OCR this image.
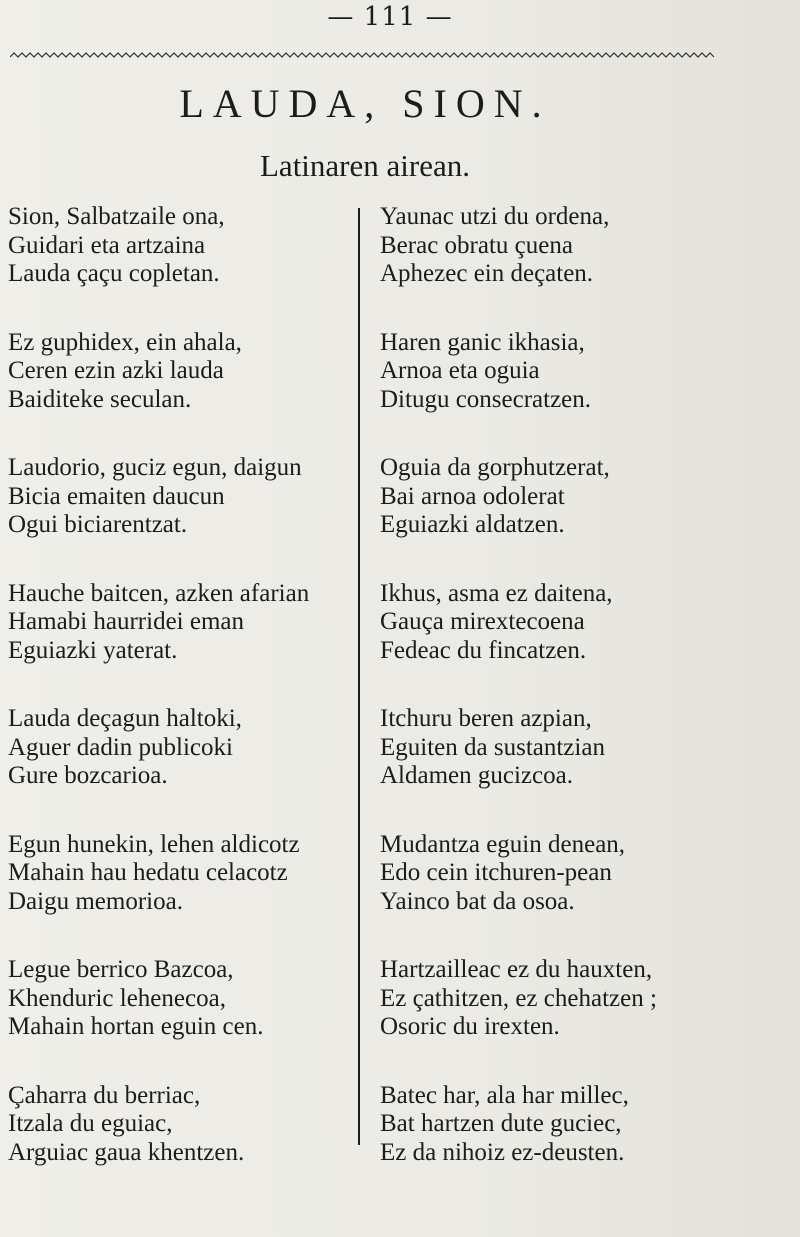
— 111 —
LAUDA, SION.
Latinaren airean.
Sion, Salbatzaile ona,
Guidari eta artzaina
Lauda çaçu copletan.
Ez guphidex, ein ahala,
Ceren ezin azki lauda
Baiditeke seculan.
Laudorio, guciz egun, daigun
Bicia emaiten daucun
Ogui biciarentzat.
Hauche baitcen, azken afarian
Hamabi haurridei eman
Eguiazki yaterat.
Lauda deçagun haltoki,
Aguer dadin publicoki
Gure bozcarioa.
Egun hunekin, lehen aldicotz
Mahain hau hedatu celacotz
Daigu memorioa.
Legue berrico Bazcoa,
Khenduric lehenecoa,
Mahain hortan eguin cen.
Çaharra du berriac,
Itzala du eguiac,
Arguiac gaua khentzen.
Yaunac utzi du ordena,
Berac obratu çuena
Aphezec ein deçaten.
Haren ganic ikhasia,
Arnoa eta oguia
Ditugu consecratzen.
Oguia da gorphutzerat,
Bai arnoa odolerat
Eguiazki aldatzen.
Ikhus, asma ez daitena,
Gauça mirextecoena
Fedeac du fincatzen.
Itchuru beren azpian,
Eguiten da sustantzian
Aldamen gucizcoa.
Mudantza eguin denean,
Edo cein itchuren-pean
Yainco bat da osoa.
Hartzailleac ez du hauxten,
Ez çathitzen, ez chehatzen ;
Osoric du irexten.
Batec har, ala har millec,
Bat hartzen dute guciec,
Ez da nihoiz ez-deusten.
